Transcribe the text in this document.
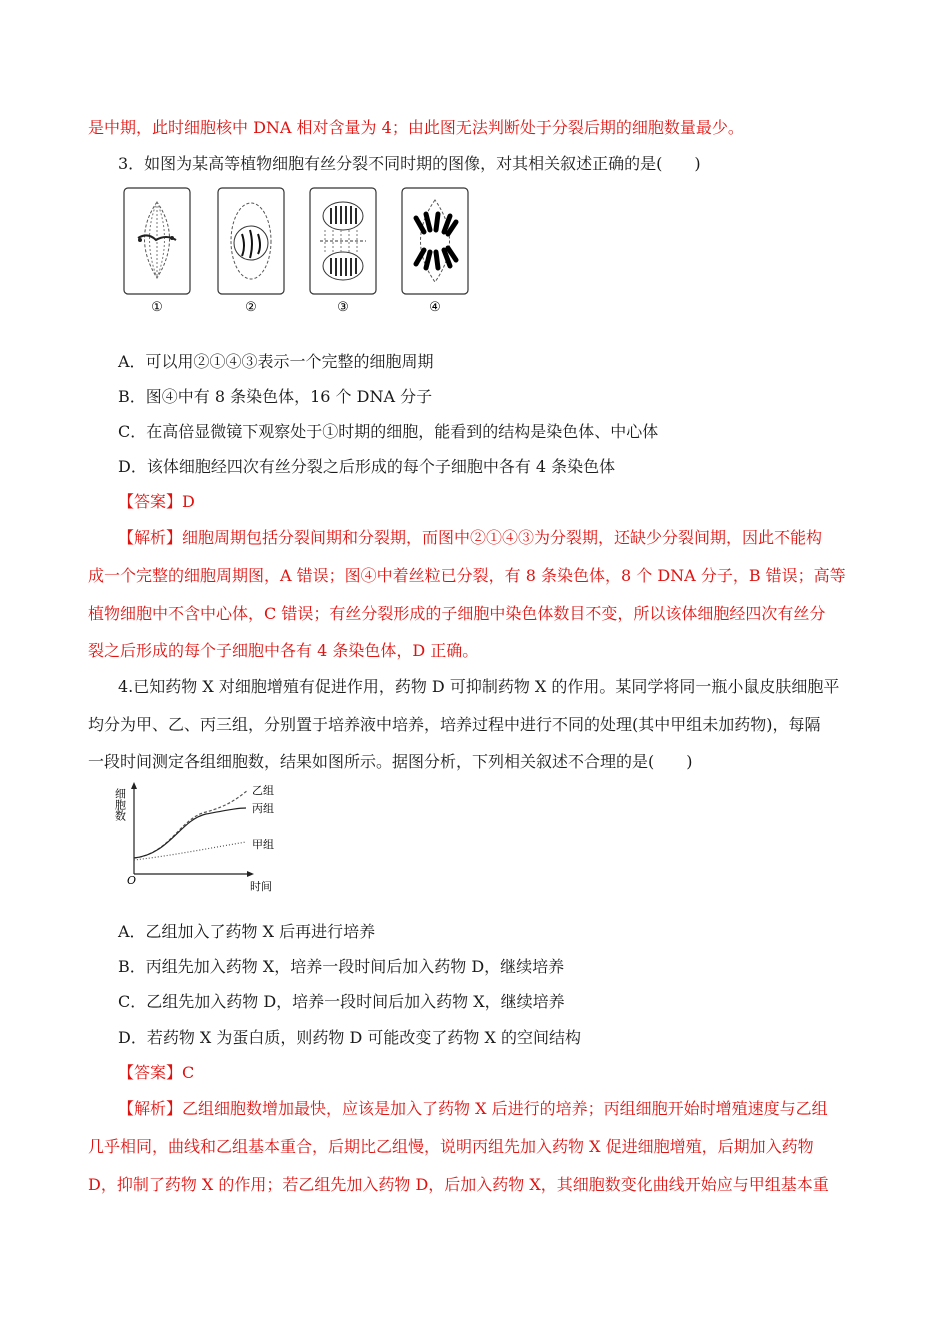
是中期，此时细胞核中 DNA 相对含量为 4；由此图无法判断处于分裂后期的细胞数量最少。
3．如图为某高等植物细胞有丝分裂不同时期的图像，对其相关叙述正确的是(　　)
①	②	③	④
A．可以用②①④③表示一个完整的细胞周期
B．图④中有 8 条染色体，16 个 DNA 分子
C．在高倍显微镜下观察处于①时期的细胞，能看到的结构是染色体、中心体
D．该体细胞经四次有丝分裂之后形成的每个子细胞中各有 4 条染色体
【答案】D
【解析】细胞周期包括分裂间期和分裂期，而图中②①④③为分裂期，还缺少分裂间期，因此不能构
成一个完整的细胞周期图，A 错误；图④中着丝粒已分裂，有 8 条染色体，8 个 DNA 分子，B 错误；高等
植物细胞中不含中心体，C 错误；有丝分裂形成的子细胞中染色体数目不变，所以该体细胞经四次有丝分
裂之后形成的每个子细胞中各有 4 条染色体，D 正确。
4.已知药物 X 对细胞增殖有促进作用，药物 D 可抑制药物 X 的作用。某同学将同一瓶小鼠皮肤细胞平
均分为甲、乙、丙三组，分别置于培养液中培养，培养过程中进行不同的处理(其中甲组未加药物)，每隔
一段时间测定各组细胞数，结果如图所示。据图分析，下列相关叙述不合理的是(　　)
细胞数
O	时间
乙组
丙组
甲组
A．乙组加入了药物 X 后再进行培养
B．丙组先加入药物 X，培养一段时间后加入药物 D，继续培养
C．乙组先加入药物 D，培养一段时间后加入药物 X，继续培养
D．若药物 X 为蛋白质，则药物 D 可能改变了药物 X 的空间结构
【答案】C
【解析】乙组细胞数增加最快，应该是加入了药物 X 后进行的培养；丙组细胞开始时增殖速度与乙组
几乎相同，曲线和乙组基本重合，后期比乙组慢，说明丙组先加入药物 X 促进细胞增殖，后期加入药物
D，抑制了药物 X 的作用；若乙组先加入药物 D，后加入药物 X，其细胞数变化曲线开始应与甲组基本重
